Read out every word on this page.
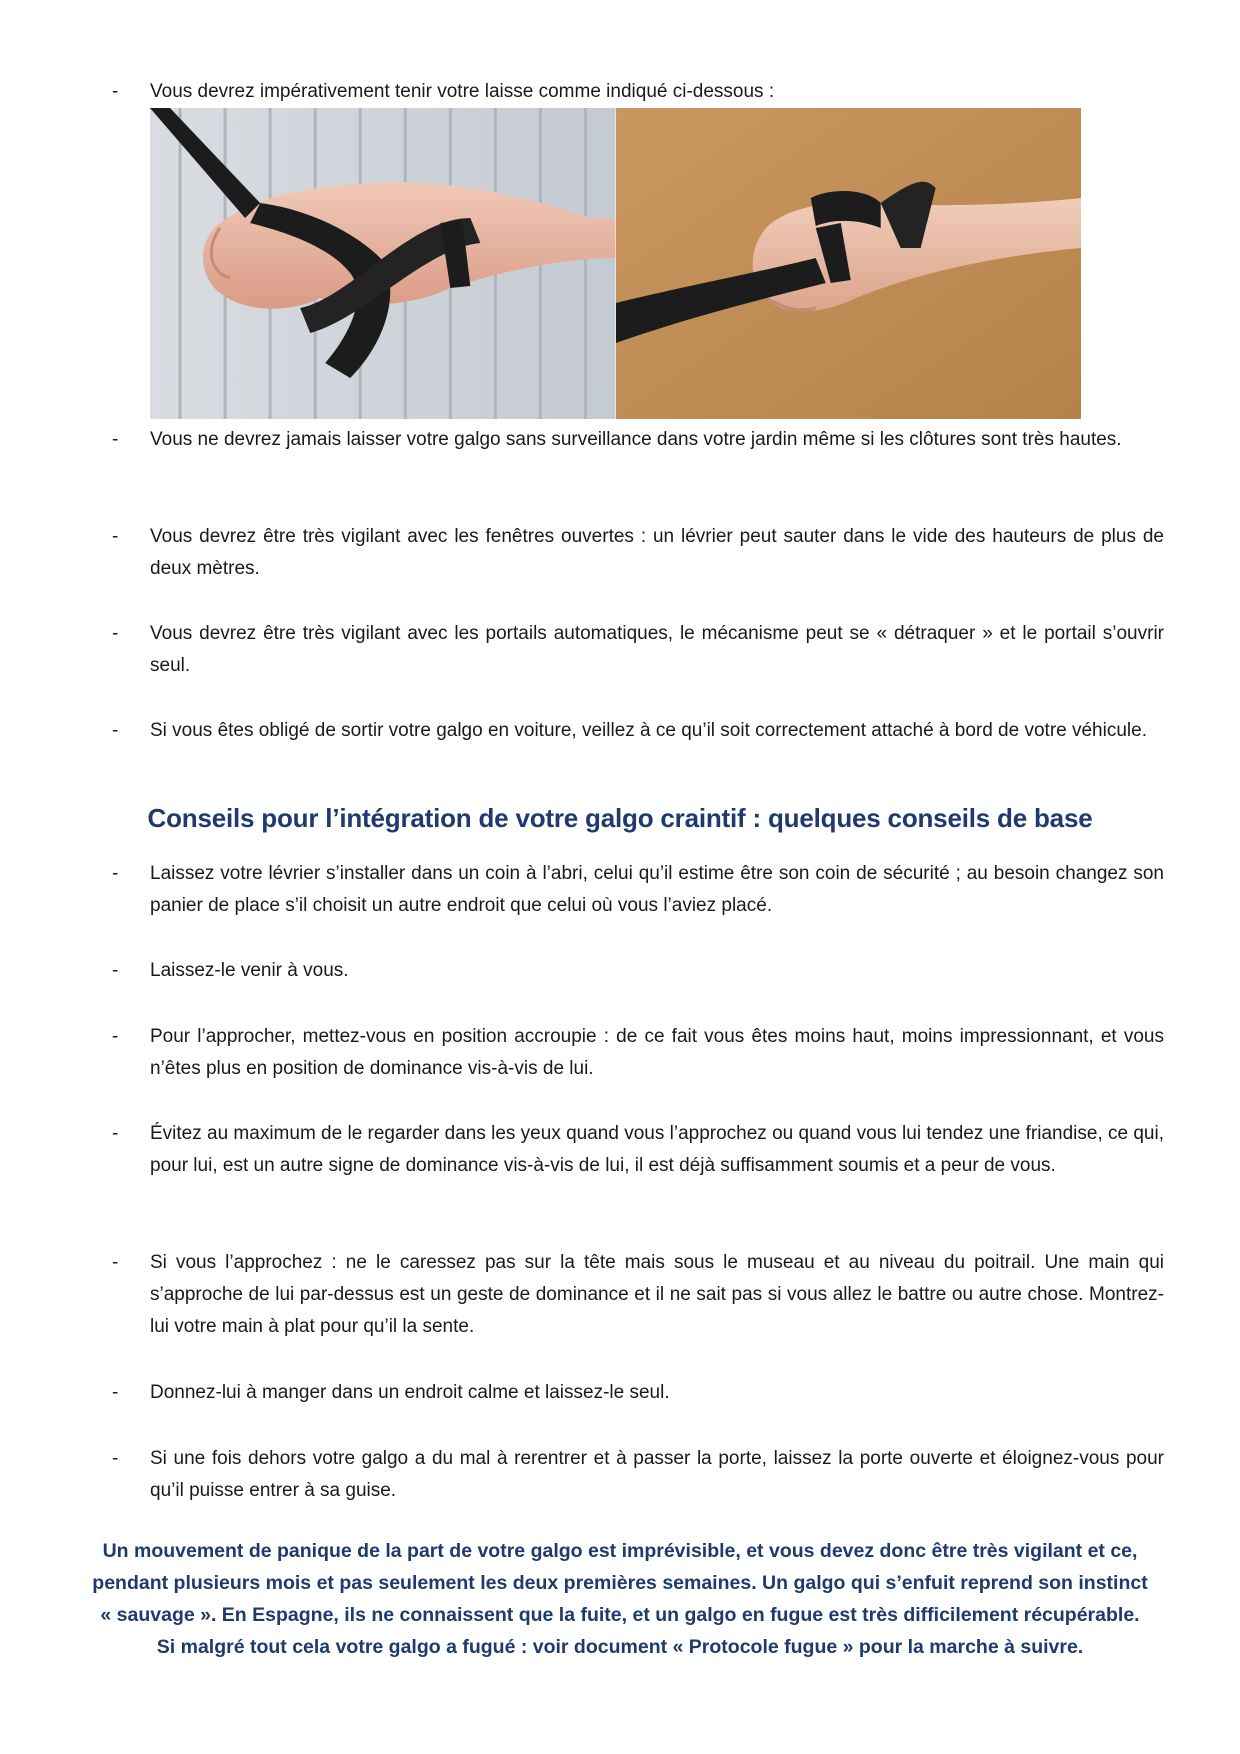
-	Vous devrez impérativement tenir votre laisse comme indiqué ci-dessous :
-	Vous ne devrez jamais laisser votre galgo sans surveillance dans votre jardin même si les clôtures sont très hautes.
-	Vous devrez être très vigilant avec les fenêtres ouvertes : un lévrier peut sauter dans le vide des hauteurs de plus de deux mètres.
-	Vous devrez être très vigilant avec les portails automatiques, le mécanisme peut se « détraquer » et le portail s’ouvrir seul.
-	Si vous êtes obligé de sortir votre galgo en voiture, veillez à ce qu’il soit correctement attaché à bord de votre véhicule.
Conseils pour l’intégration de votre galgo craintif : quelques conseils de base
-	Laissez votre lévrier s’installer dans un coin à l’abri, celui qu’il estime être son coin de sécurité ; au besoin changez son panier de place s’il choisit un autre endroit que celui où vous l’aviez placé.
-	Laissez-le venir à vous.
-	Pour l’approcher, mettez-vous en position accroupie : de ce fait vous êtes moins haut, moins impressionnant, et vous n’êtes plus en position de dominance vis-à-vis de lui.
-	Évitez au maximum de le regarder dans les yeux quand vous l’approchez ou quand vous lui tendez une friandise, ce qui, pour lui, est un autre signe de dominance vis-à-vis de lui, il est déjà suffisamment soumis et a peur de vous.
-	Si vous l’approchez : ne le caressez pas sur la tête mais sous le museau et au niveau du poitrail. Une main qui s’approche de lui par-dessus est un geste de dominance et il ne sait pas si vous allez le battre ou autre chose. Montrez-lui votre main à plat pour qu’il la sente.
-	Donnez-lui à manger dans un endroit calme et laissez-le seul.
-	Si une fois dehors votre galgo a du mal à rerentrer et à passer la porte, laissez la porte ouverte et éloignez-vous pour qu’il puisse entrer à sa guise.
Un mouvement de panique de la part de votre galgo est imprévisible, et vous devez donc être très vigilant et ce,
pendant plusieurs mois et pas seulement les deux premières semaines. Un galgo qui s’enfuit reprend son instinct
« sauvage ». En Espagne, ils ne connaissent que la fuite, et un galgo en fugue est très difficilement récupérable.
Si malgré tout cela votre galgo a fugué : voir document « Protocole fugue » pour la marche à suivre.
